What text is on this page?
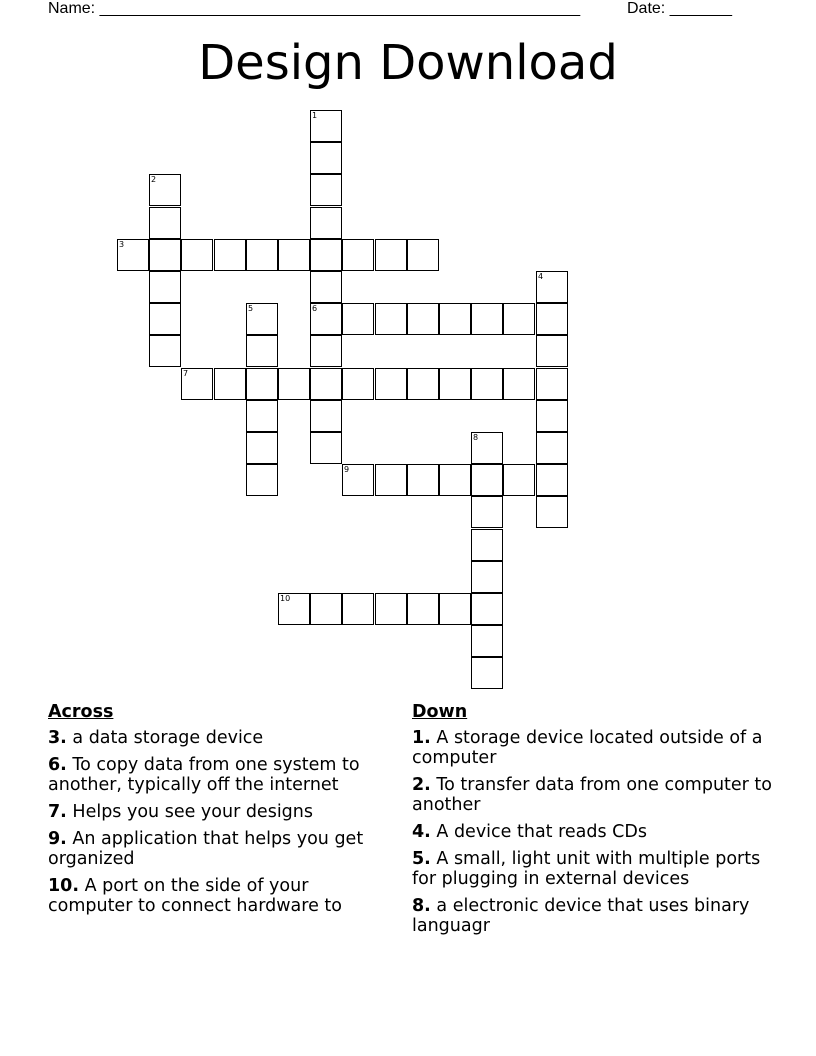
Name: ______________________________________________________	Date: _______
Design Download
1
6
2
3
4
5
7
8
9
10
Across
3. a data storage device
6. To copy data from one system to another, typically off the internet
7. Helps you see your designs
9. An application that helps you get organized
10. A port on the side of your computer to connect hardware to
Down
1. A storage device located outside of a computer
2. To transfer data from one computer to another
4. A device that reads CDs
5. A small, light unit with multiple ports for plugging in external devices
8. a electronic device that uses binary languagr
